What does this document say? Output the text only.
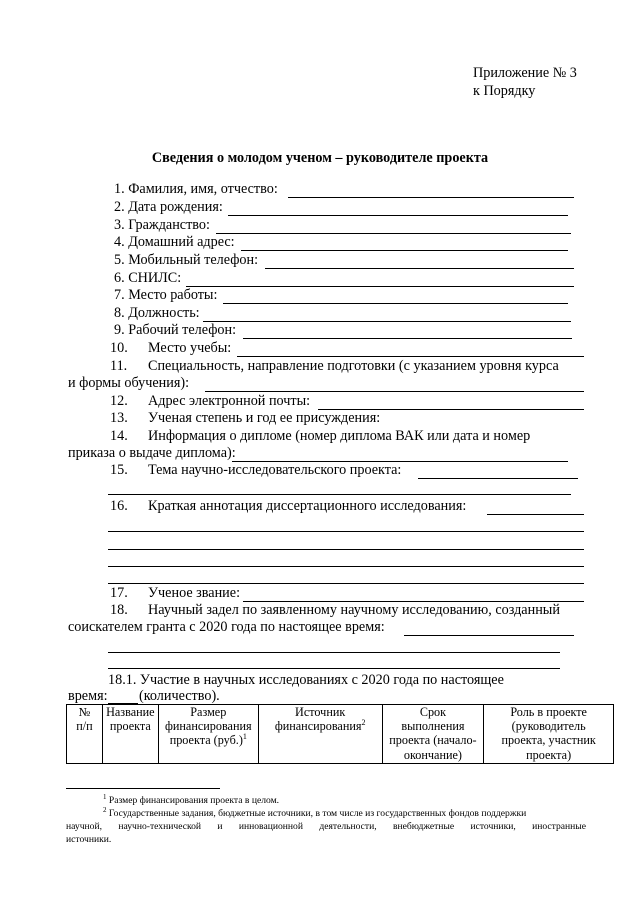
Приложение № 3
к Порядку
Сведения о молодом ученом – руководителе проекта
1. Фамилия, имя, отчество:
2. Дата рождения:
3. Гражданство:
4. Домашний адрес:
5. Мобильный телефон:
6. СНИЛС:
7. Место работы:
8. Должность:
9. Рабочий телефон:
10. Место учебы:
11. Специальность, направление подготовки (с указанием уровня курса
и формы обучения):
12. Адрес электронной почты:
13. Ученая степень и год ее присуждения:
14. Информация о дипломе (номер диплома ВАК или дата и номер
приказа о выдаче диплома):
15. Тема научно-исследовательского проекта:
16. Краткая аннотация диссертационного исследования:
17. Ученое звание:
18. Научный задел по заявленному научному исследованию, созданный
соискателем гранта с 2020 года по настоящее время:
18.1. Участие в научных исследованиях с 2020 года по настоящее
время: (количество).
№
п/п

Название
проекта

Размер
финансирования
проекта $(руб.)^1$

Источник
финансирования$^2$

Срок
выполнения
проекта (начало-
окончание)

Роль в проекте
(руководитель
проекта, участник
проекта)
$^1$ Размер финансирования проекта в целом.
$^2$ Государственные задания, бюджетные источники, в том числе из государственных фондов поддержки
научной, научно-технической и инновационной деятельности, внебюджетные источники, иностранные
источники.
